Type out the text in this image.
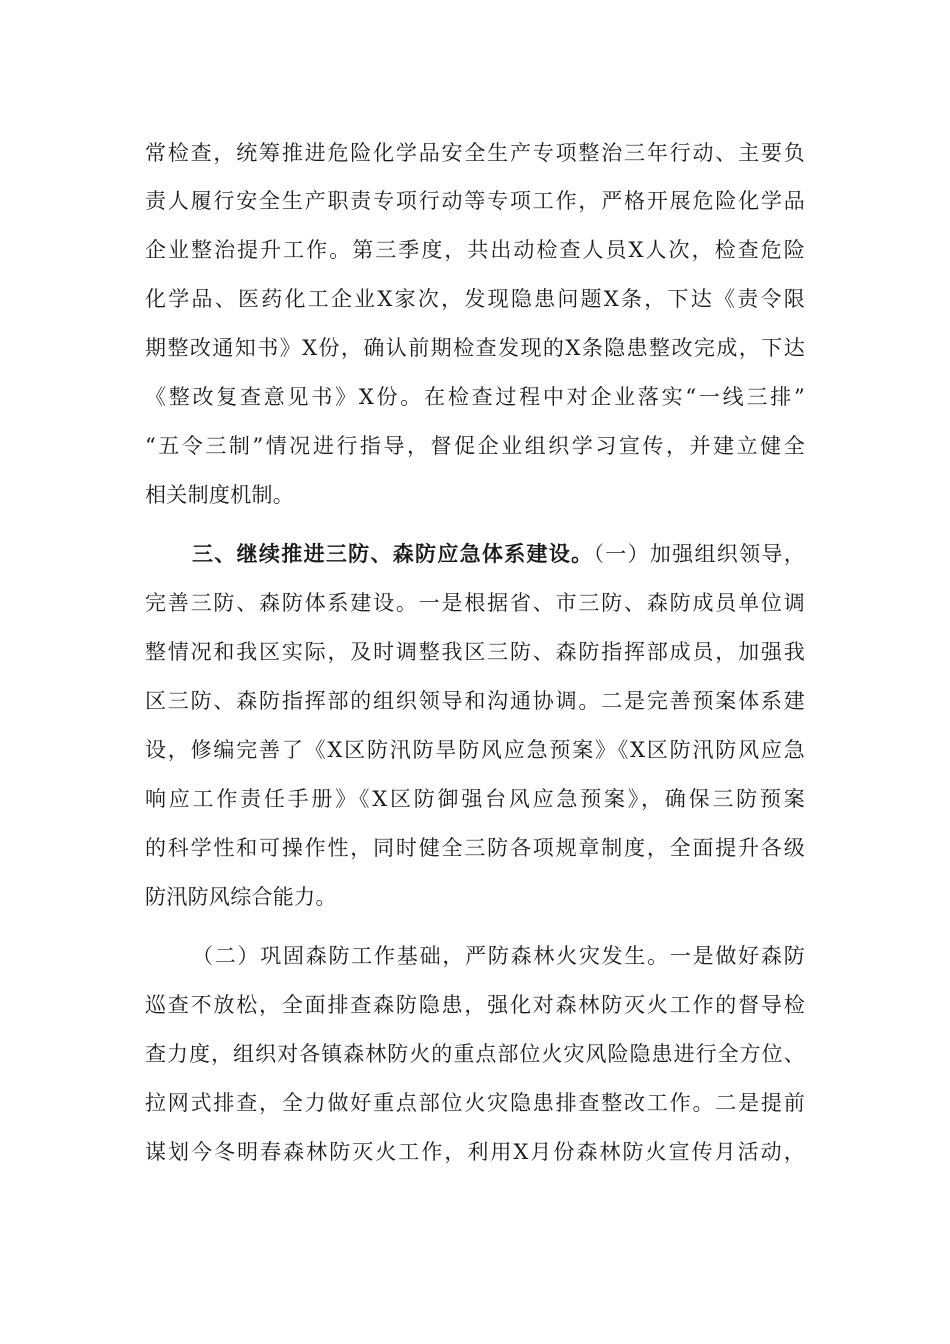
常检查，统筹推进危险化学品安全生产专项整治三年行动、主要负
责人履行安全生产职责专项行动等专项工作，严格开展危险化学品
企业整治提升工作。第三季度，共出动检查人员X人次，检查危险
化学品、医药化工企业X家次，发现隐患问题X条，下达《责令限
期整改通知书》X份，确认前期检查发现的X条隐患整改完成，下达
《整改复查意见书》X份。在检查过程中对企业落实“一线三排”
“五令三制”情况进行指导，督促企业组织学习宣传，并建立健全
相关制度机制。
三、继续推进三防、森防应急体系建设。（一）加强组织领导，
完善三防、森防体系建设。一是根据省、市三防、森防成员单位调
整情况和我区实际，及时调整我区三防、森防指挥部成员，加强我
区三防、森防指挥部的组织领导和沟通协调。二是完善预案体系建
设，修编完善了《X区防汛防旱防风应急预案》《X区防汛防风应急
响应工作责任手册》《X区防御强台风应急预案》，确保三防预案
的科学性和可操作性，同时健全三防各项规章制度，全面提升各级
防汛防风综合能力。
（二）巩固森防工作基础，严防森林火灾发生。一是做好森防
巡查不放松，全面排查森防隐患，强化对森林防灭火工作的督导检
查力度，组织对各镇森林防火的重点部位火灾风险隐患进行全方位、
拉网式排查，全力做好重点部位火灾隐患排查整改工作。二是提前
谋划今冬明春森林防灭火工作，利用X月份森林防火宣传月活动，
